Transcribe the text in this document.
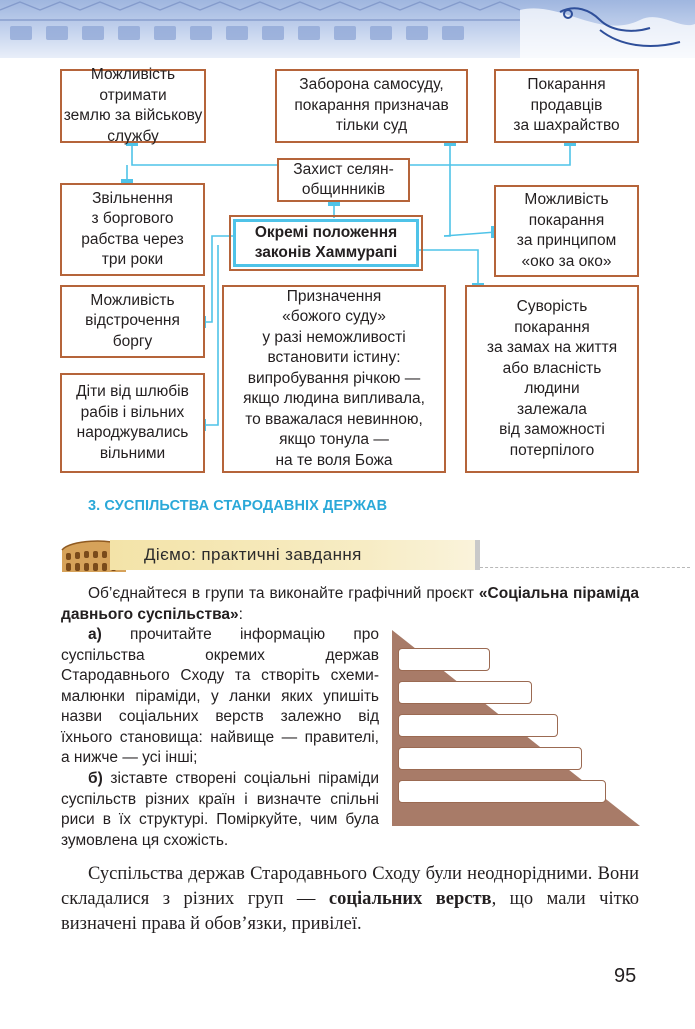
Можливість отримати
землю за військову
службу
Заборона самосуду,
покарання призначав
тільки суд
Покарання
продавців
за шахрайство
Захист селян-
общинників
Звільнення
з боргового
рабства через
три роки
Можливість
покарання
за принципом
«око за око»
Окремі положення
законів Хаммурапі
Можливість
відстрочення
боргу
Призначення
«божого суду»
у разі неможливості
встановити істину:
випробування річкою —
якщо людина випливала,
то вважалася невинною,
якщо тонула —
на те воля Божа
Суворість
покарання
за замах на життя
або власність
людини
залежала
від заможності
потерпілого
Діти від шлюбів
рабів і вільних
народжувались
вільними
3. СУСПІЛЬСТВА СТАРОДАВНІХ ДЕРЖАВ
Діємо: практичні завдання
Об’єднайтеся в групи та виконайте графічний проєкт «Соціальна піраміда давнього суспільства»:
а) прочитайте інформацію про суспільства окремих держав Стародавнього Сходу та створіть схеми-малюнки піраміди, у ланки яких упишіть назви соціальних верств залежно від їхнього становища: найвище — правителі, а нижче — усі інші;
б) зіставте створені соціальні піраміди суспільств різних країн і визначте спільні риси в їх структурі. Поміркуйте, чим була зумовлена ця схожість.
Суспільства держав Стародавнього Сходу були неоднорідними. Вони складалися з різних груп — соціальних верств, що мали чітко визначені права й обов’язки, привілеї.
95
